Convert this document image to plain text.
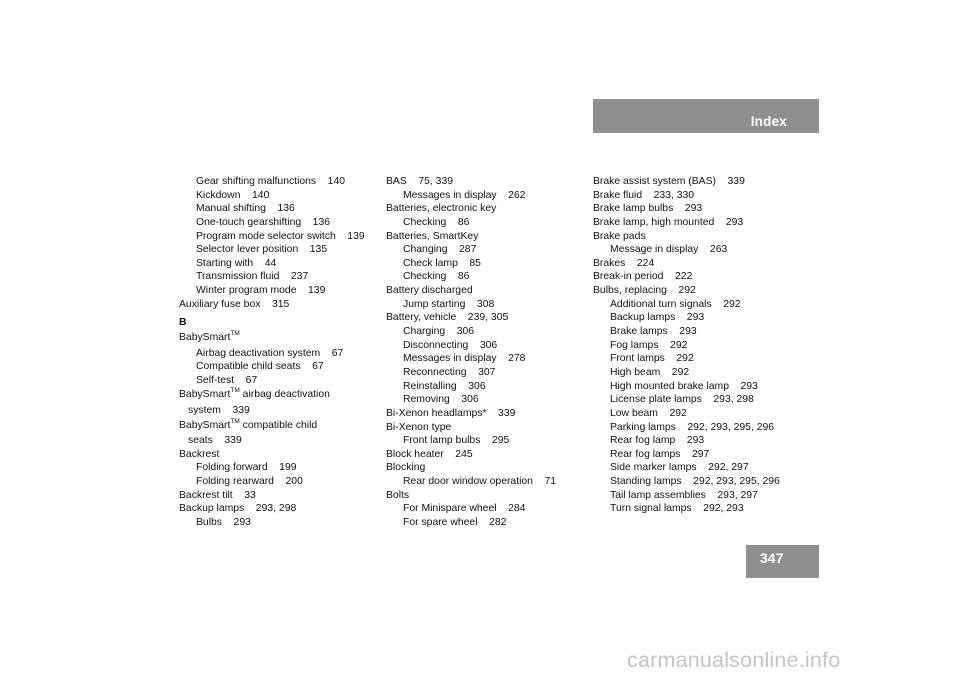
Index
Gear shifting malfunctions    140
Kickdown    140
Manual shifting    136
One-touch gearshifting    136
Program mode selector switch    139
Selector lever position    135
Starting with    44
Transmission fluid    237
Winter program mode    139
Auxiliary fuse box    315
B
BabySmart™
Airbag deactivation system    67
Compatible child seats    67
Self-test    67
BabySmart™ airbag deactivation
system    339
BabySmart™ compatible child
seats    339
Backrest
Folding forward    199
Folding rearward    200
Backrest tilt    33
Backup lamps    293, 298
Bulbs    293
BAS    75, 339
Messages in display    262
Batteries, electronic key
Checking    86
Batteries, SmartKey
Changing    287
Check lamp    85
Checking    86
Battery discharged
Jump starting    308
Battery, vehicle    239, 305
Charging    306
Disconnecting    306
Messages in display    278
Reconnecting    307
Reinstalling    306
Removing    306
Bi-Xenon headlamps*    339
Bi-Xenon type
Front lamp bulbs    295
Block heater    245
Blocking
Rear door window operation    71
Bolts
For Minispare wheel    284
For spare wheel    282
Brake assist system (BAS)    339
Brake fluid    233, 330
Brake lamp bulbs    293
Brake lamp, high mounted    293
Brake pads
Message in display    263
Brakes    224
Break-in period    222
Bulbs, replacing    292
Additional turn signals    292
Backup lamps    293
Brake lamps    293
Fog lamps    292
Front lamps    292
High beam    292
High mounted brake lamp    293
License plate lamps    293, 298
Low beam    292
Parking lamps    292, 293, 295, 296
Rear fog lamp    293
Rear fog lamps    297
Side marker lamps    292, 297
Standing lamps    292, 293, 295, 296
Tail lamp assemblies    293, 297
Turn signal lamps    292, 293
347
carmanualsonline.info
